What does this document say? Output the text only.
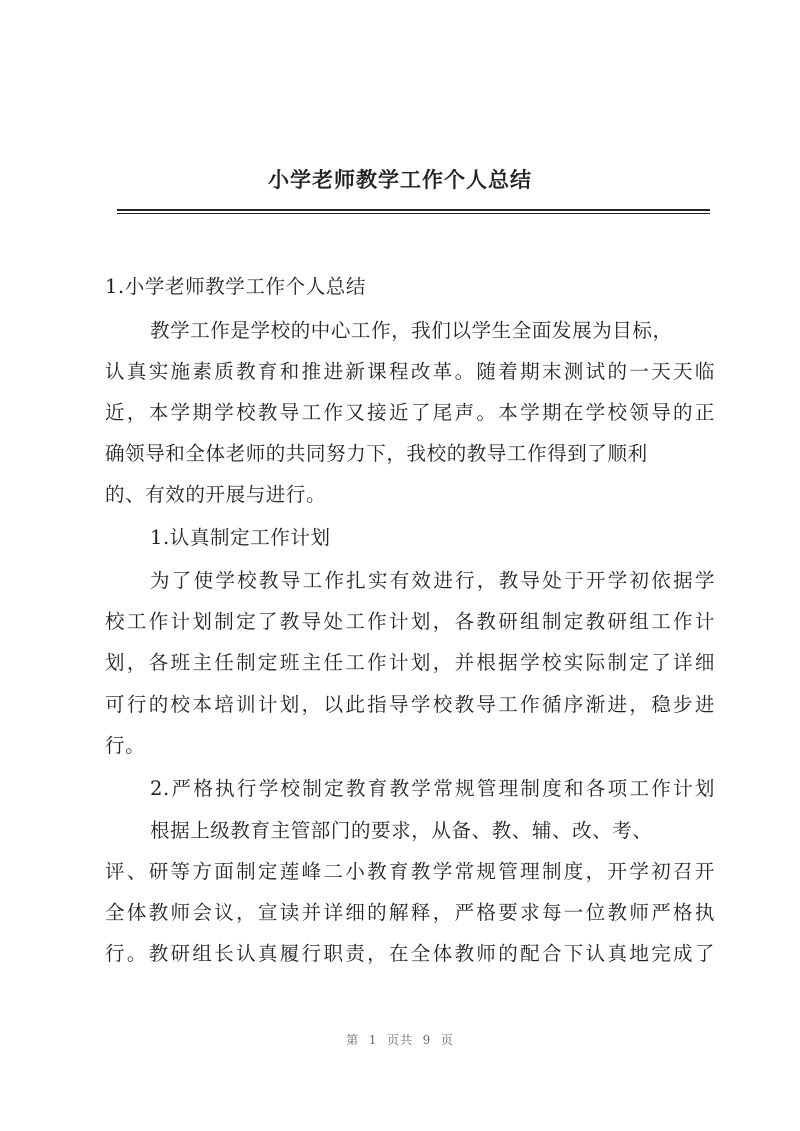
小学老师教学工作个人总结
1.小学老师教学工作个人总结
教学工作是学校的中心工作，我们以学生全面发展为目标，
认真实施素质教育和推进新课程改革。随着期末测试的一天天临
近，本学期学校教导工作又接近了尾声。本学期在学校领导的正
确领导和全体老师的共同努力下，我校的教导工作得到了顺利
的、有效的开展与进行。
1.认真制定工作计划
为了使学校教导工作扎实有效进行，教导处于开学初依据学
校工作计划制定了教导处工作计划，各教研组制定教研组工作计
划，各班主任制定班主任工作计划，并根据学校实际制定了详细
可行的校本培训计划，以此指导学校教导工作循序渐进，稳步进
行。
2.严格执行学校制定教育教学常规管理制度和各项工作计划
根据上级教育主管部门的要求，从备、教、辅、改、考、
评、研等方面制定莲峰二小教育教学常规管理制度，开学初召开
全体教师会议，宣读并详细的解释，严格要求每一位教师严格执
行。教研组长认真履行职责，在全体教师的配合下认真地完成了
第  1  页共  9  页
